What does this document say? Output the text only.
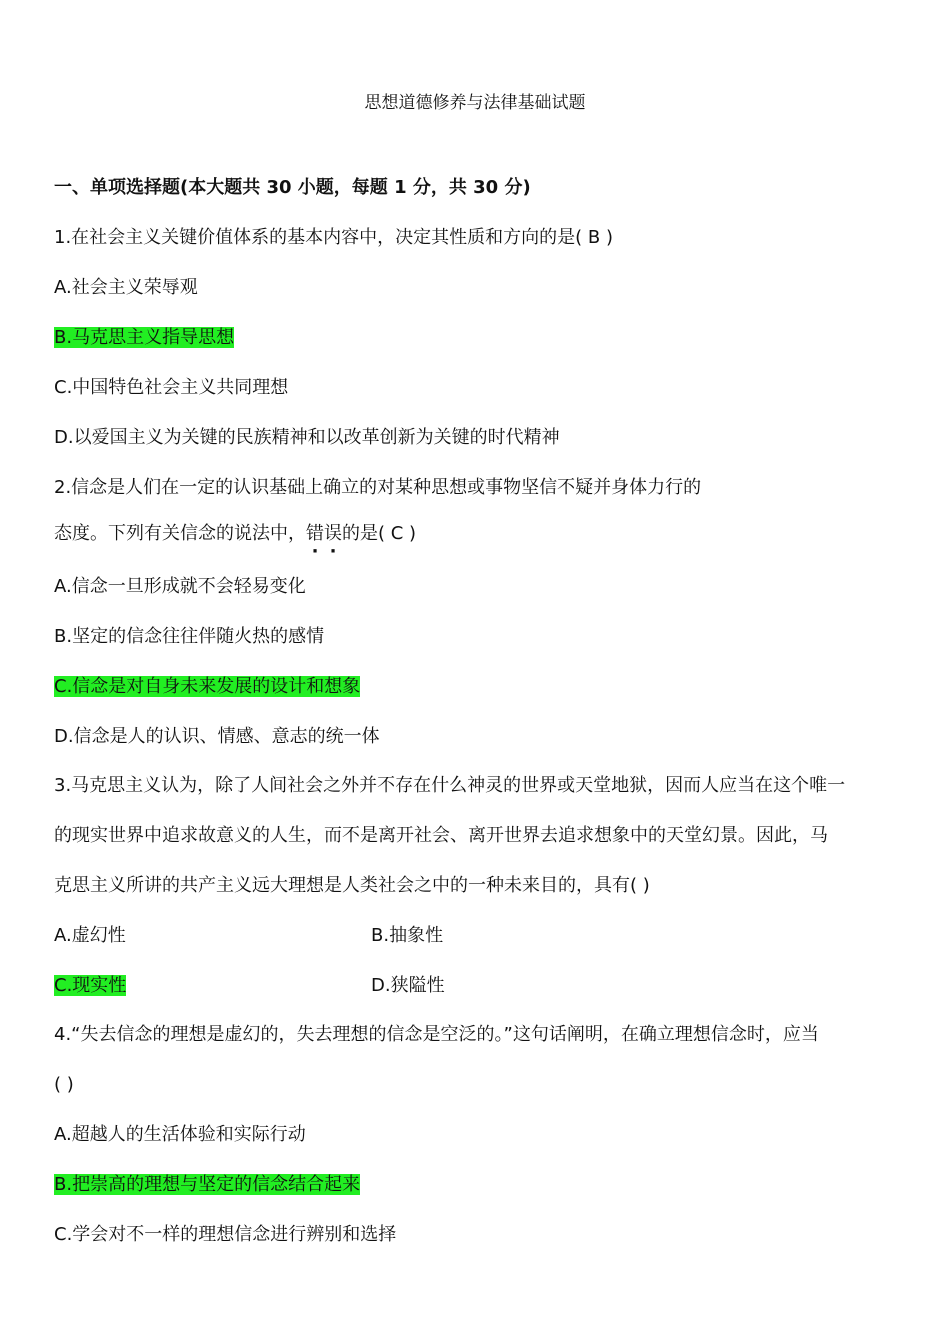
思想道德修养与法律基础试题
一、单项选择题(本大题共 30 小题，每题 1 分，共 30 分)
1.在社会主义关键价值体系的基本内容中，决定其性质和方向的是( B )
A.社会主义荣辱观
B.马克思主义指导思想
C.中国特色社会主义共同理想
D.以爱国主义为关键的民族精神和以改革创新为关键的时代精神
2.信念是人们在一定的认识基础上确立的对某种思想或事物坚信不疑并身体力行的
态度。下列有关信念的说法中，错误的是( C )
A.信念一旦形成就不会轻易变化
B.坚定的信念往往伴随火热的感情
C.信念是对自身未来发展的设计和想象
D.信念是人的认识、情感、意志的统一体
3.马克思主义认为，除了人间社会之外并不存在什么神灵的世界或天堂地狱，因而人应当在这个唯一
的现实世界中追求故意义的人生，而不是离开社会、离开世界去追求想象中的天堂幻景。因此，马
克思主义所讲的共产主义远大理想是人类社会之中的一种未来目的，具有( )
A.虚幻性	B.抽象性
C.现实性	D.狭隘性
4.“失去信念的理想是虚幻的，失去理想的信念是空泛的。”这句话阐明，在确立理想信念时，应当
( )
A.超越人的生活体验和实际行动
B.把崇高的理想与坚定的信念结合起来
C.学会对不一样的理想信念进行辨别和选择
